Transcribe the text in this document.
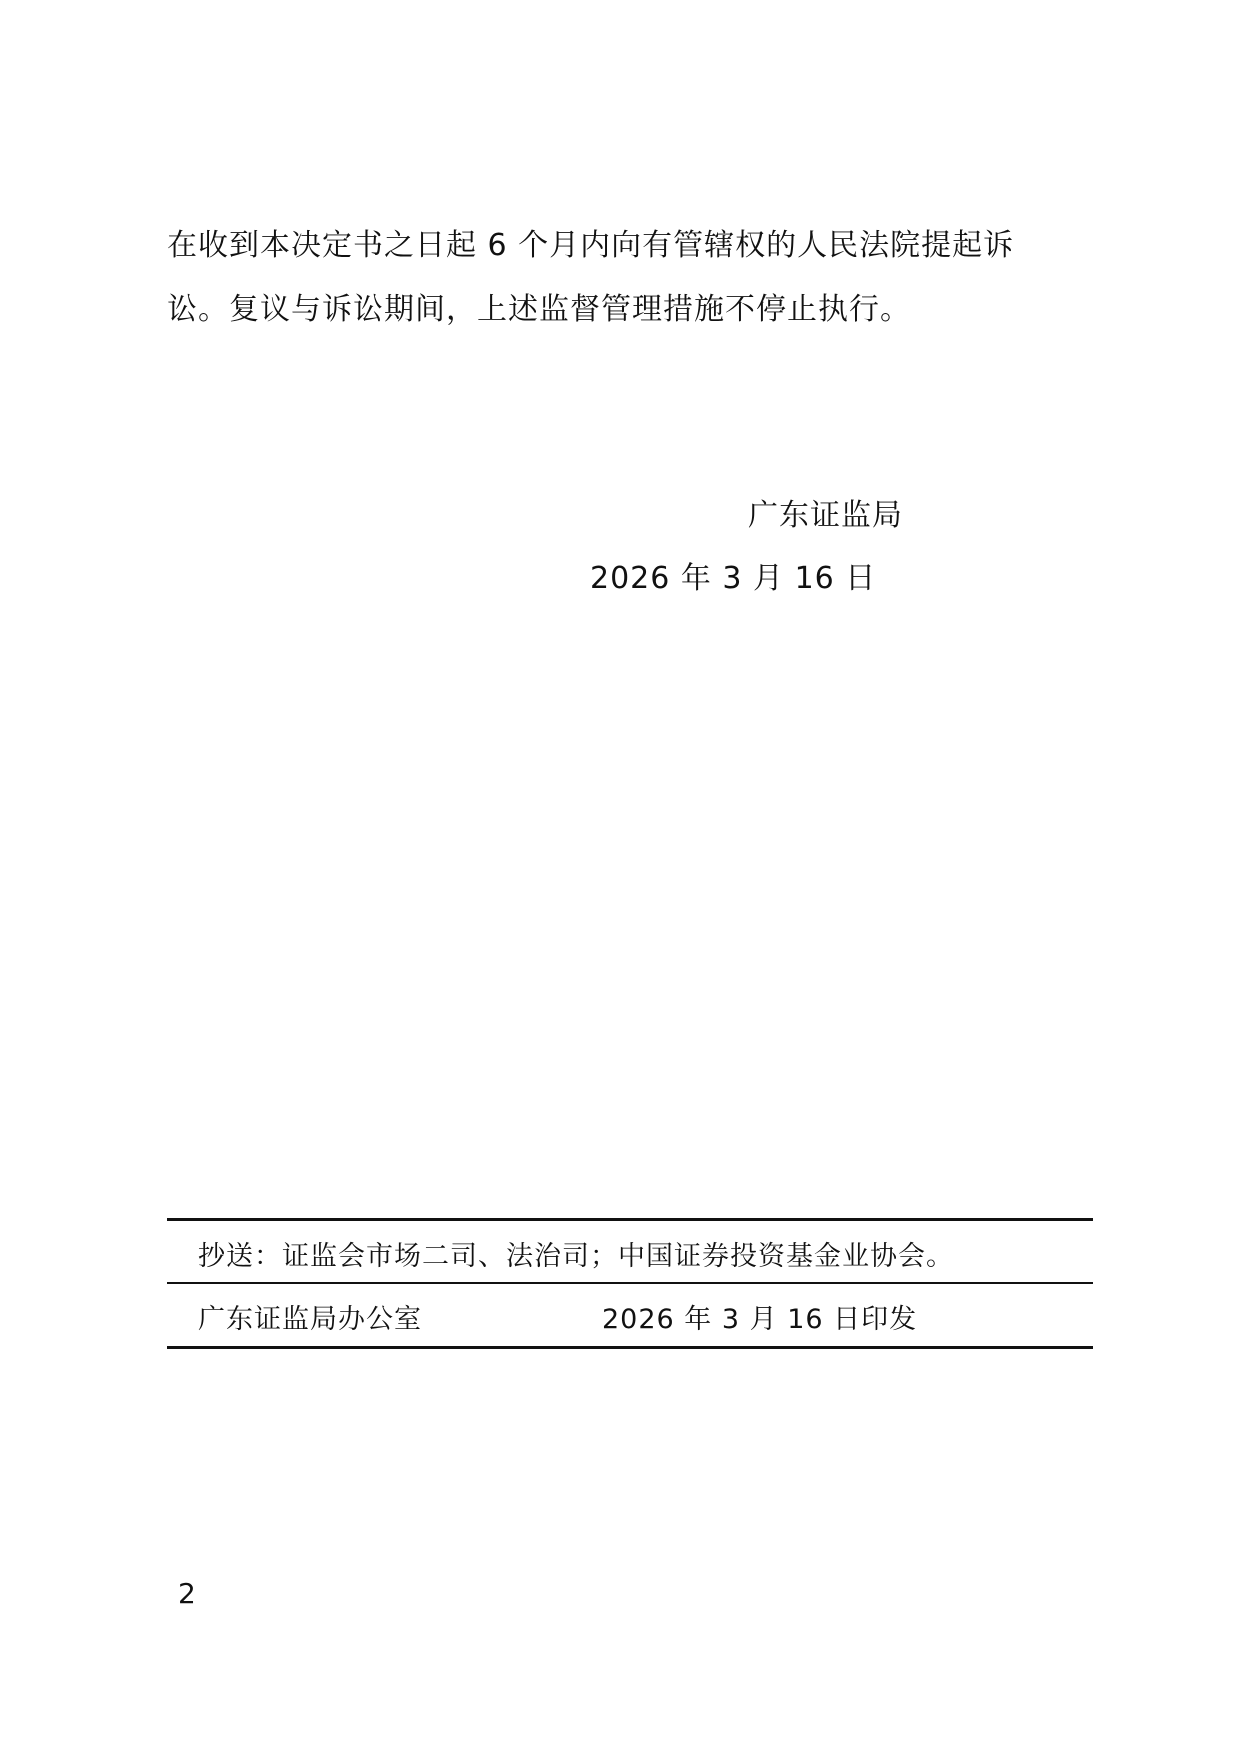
在收到本决定书之日起 6 个月内向有管辖权的人民法院提起诉
讼。复议与诉讼期间，上述监督管理措施不停止执行。

广东证监局
2026 年 3 月 16 日
抄送：证监会市场二司、法治司；中国证券投资基金业协会。
广东证监局办公室	2026 年 3 月 16 日印发
2
